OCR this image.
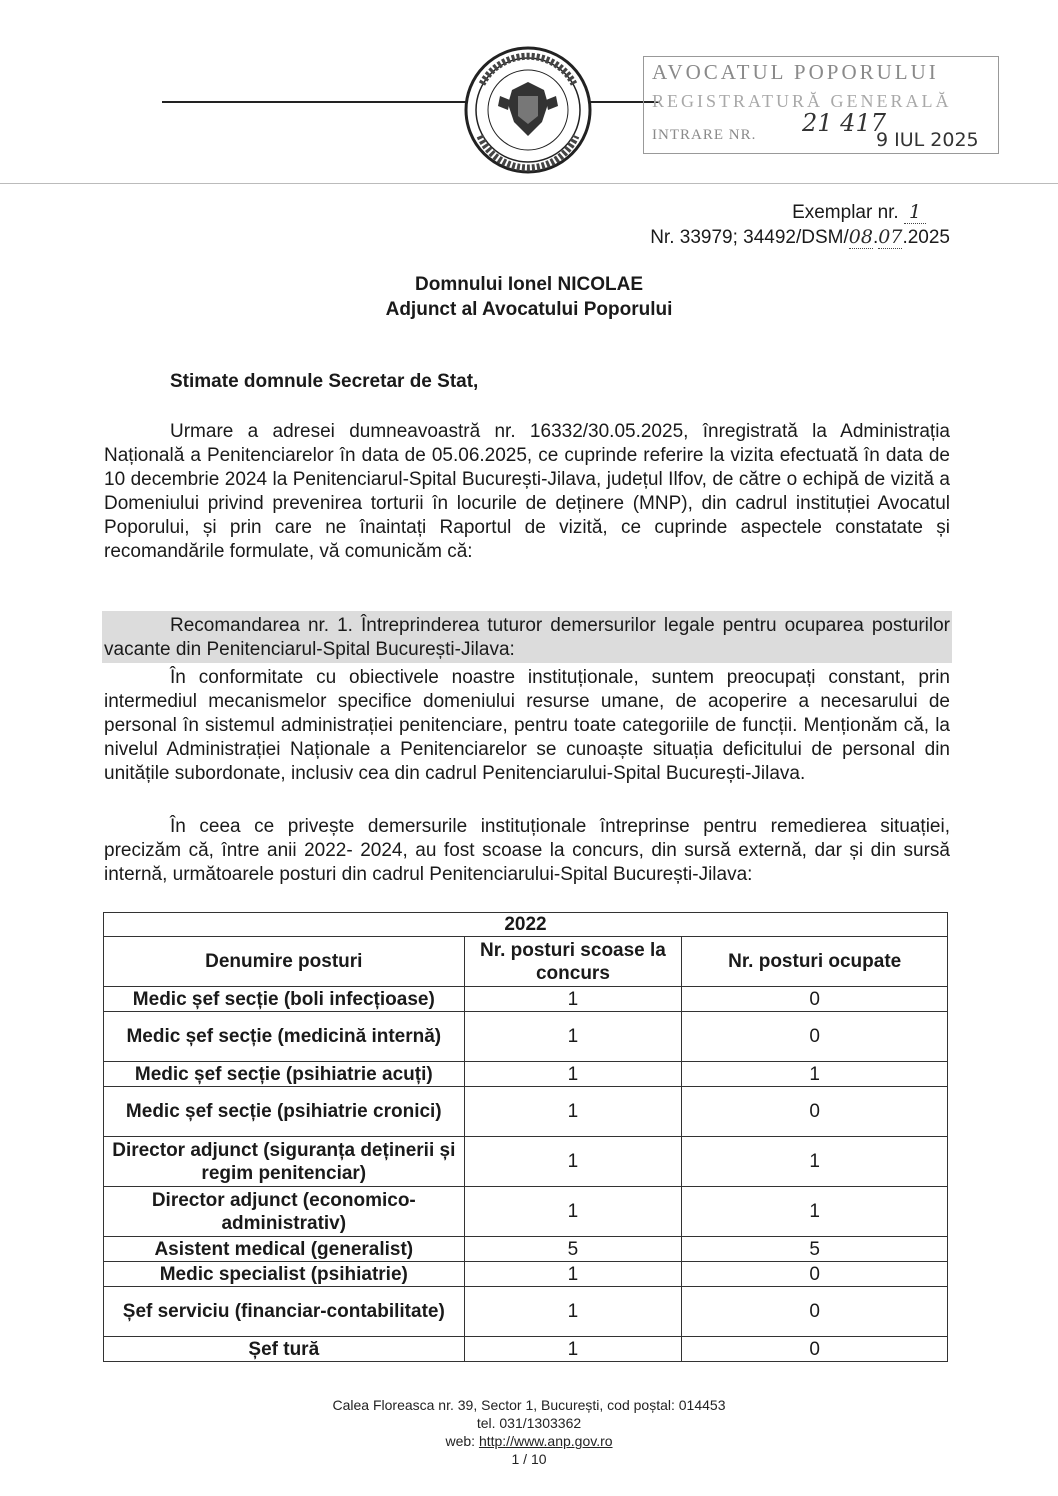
AVOCATUL POPORULUI
REGISTRATURĂ GENERALĂ
INTRARE NR. 21 417
9 IUL 2025
Exemplar nr. 1
Nr. 33979; 34492/DSM/08.07.2025
Domnului Ionel NICOLAE
Adjunct al Avocatului Poporului
Stimate domnule Secretar de Stat,
Urmare a adresei dumneavoastră nr. 16332/30.05.2025, înregistrată la Administrația Națională a Penitenciarelor în data de 05.06.2025, ce cuprinde referire la vizita efectuată în data de 10 decembrie 2024 la Penitenciarul-Spital București-Jilava, județul Ilfov, de către o echipă de vizită a Domeniului privind prevenirea torturii în locurile de deținere (MNP), din cadrul instituției Avocatul Poporului, și prin care ne înaintați Raportul de vizită, ce cuprinde aspectele constatate și recomandările formulate, vă comunicăm că:
Recomandarea nr. 1. Întreprinderea tuturor demersurilor legale pentru ocuparea posturilor vacante din Penitenciarul-Spital București-Jilava:
În conformitate cu obiectivele noastre instituționale, suntem preocupați constant, prin intermediul mecanismelor specifice domeniului resurse umane, de acoperire a necesarului de personal în sistemul administrației penitenciare, pentru toate categoriile de funcții. Menționăm că, la nivelul Administrației Naționale a Penitenciarelor se cunoaște situația deficitului de personal din unitățile subordonate, inclusiv cea din cadrul Penitenciarului-Spital București-Jilava.
În ceea ce privește demersurile instituționale întreprinse pentru remedierea situației, precizăm că, între anii 2022- 2024, au fost scoase la concurs, din sursă externă, dar și din sursă internă, următoarele posturi din cadrul Penitenciarului-Spital București-Jilava:
2022		
Denumire posturi	Nr. posturi scoase la concurs	Nr. posturi ocupate
Medic șef secție (boli infecțioase)	1	0
Medic șef secție (medicină internă)	1	0
Medic șef secție (psihiatrie acuți)	1	1
Medic șef secție (psihiatrie cronici)	1	0
Director adjunct (siguranța deținerii și regim penitenciar)	1	1
Director adjunct (economico-administrativ)	1	1
Asistent medical (generalist)	5	5
Medic specialist (psihiatrie)	1	0
Șef serviciu (financiar-contabilitate)	1	0
Șef tură	1	0
Calea Floreasca nr. 39, Sector 1, București, cod poștal: 014453
tel. 031/1303362
web: http://www.anp.gov.ro
1 / 10
